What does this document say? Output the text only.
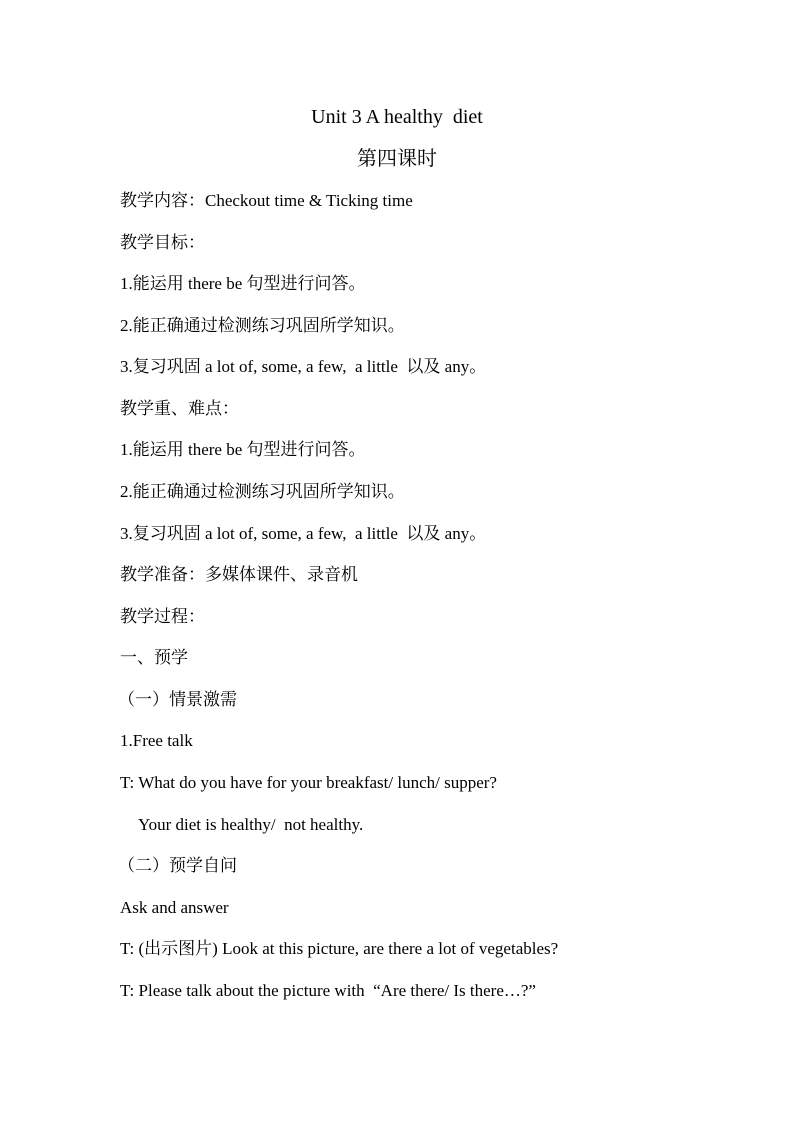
Unit 3 A healthy  diet
第四课时
教学内容：Checkout time & Ticking time
教学目标：
1.能运用 there be 句型进行问答。
2.能正确通过检测练习巩固所学知识。
3.复习巩固 a lot of, some, a few,  a little  以及 any。
教学重、难点：
1.能运用 there be 句型进行问答。
2.能正确通过检测练习巩固所学知识。
3.复习巩固 a lot of, some, a few,  a little  以及 any。
教学准备：多媒体课件、录音机
教学过程：
一、预学
（一）情景激需
1.Free talk
T: What do you have for your breakfast/ lunch/ supper?
Your diet is healthy/  not healthy.
（二）预学自问
Ask and answer
T: (出示图片) Look at this picture, are there a lot of vegetables?
T: Please talk about the picture with  “Are there/ Is there…?”
